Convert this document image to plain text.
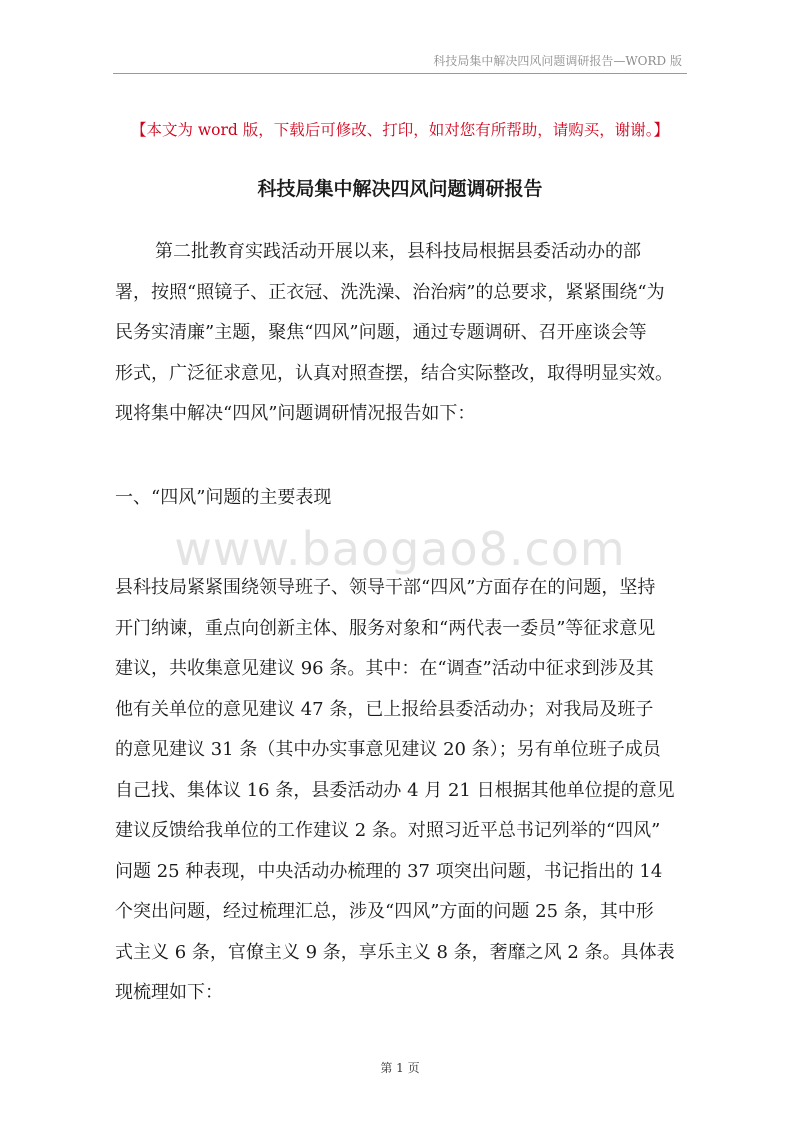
科技局集中解决四风问题调研报告—WORD 版
【本文为 word 版，下载后可修改、打印，如对您有所帮助，请购买，谢谢。】
科技局集中解决四风问题调研报告

第二批教育实践活动开展以来，县科技局根据县委活动办的部
署，按照“照镜子、正衣冠、洗洗澡、治治病”的总要求，紧紧围绕“为
民务实清廉”主题，聚焦“四风”问题，通过专题调研、召开座谈会等
形式，广泛征求意见，认真对照查摆，结合实际整改，取得明显实效。
现将集中解决“四风”问题调研情况报告如下：

一、“四风”问题的主要表现
www.baogao8.com

县科技局紧紧围绕领导班子、领导干部“四风”方面存在的问题，坚持
开门纳谏，重点向创新主体、服务对象和“两代表一委员”等征求意见
建议，共收集意见建议 96 条。其中：在“调查”活动中征求到涉及其
他有关单位的意见建议 47 条，已上报给县委活动办；对我局及班子
的意见建议 31 条（其中办实事意见建议 20 条）；另有单位班子成员
自己找、集体议 16 条，县委活动办 4 月 21 日根据其他单位提的意见
建议反馈给我单位的工作建议 2 条。对照习近平总书记列举的“四风”
问题 25 种表现，中央活动办梳理的 37 项突出问题，书记指出的 14
个突出问题，经过梳理汇总，涉及“四风”方面的问题 25 条，其中形
式主义 6 条，官僚主义 9 条，享乐主义 8 条，奢靡之风 2 条。具体表
现梳理如下：

第 1 页
